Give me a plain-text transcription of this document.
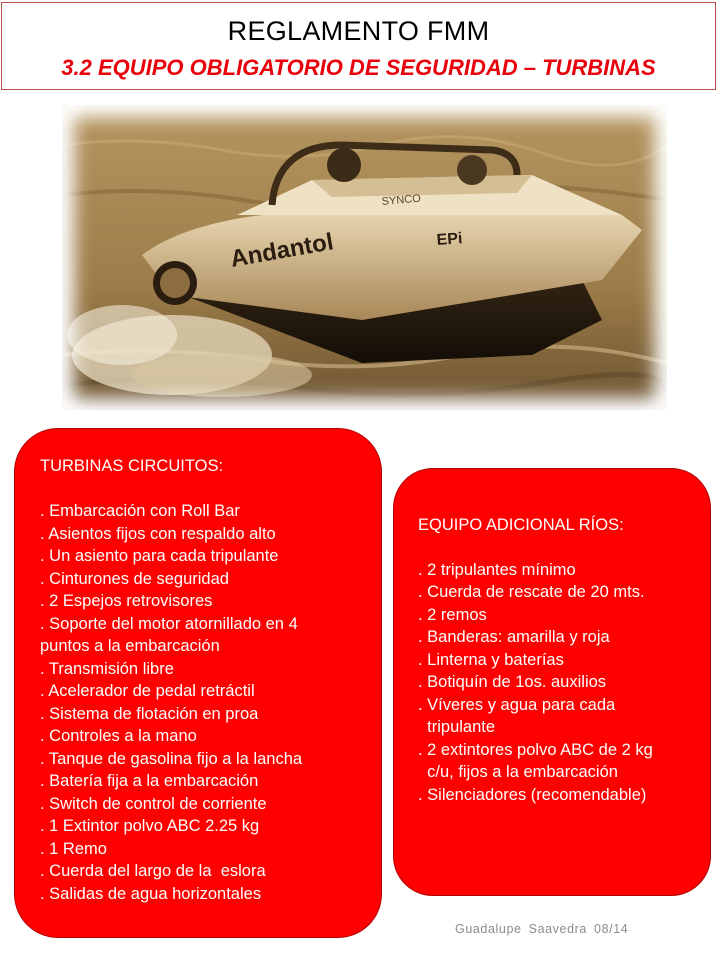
REGLAMENTO FMM
3.2 EQUIPO OBLIGATORIO DE SEGURIDAD – TURBINAS
Andantol	EPi
SYNCO
TURBINAS CIRCUITOS:
. Embarcación con Roll Bar
. Asientos fijos con respaldo alto
. Un asiento para cada tripulante
. Cinturones de seguridad
. 2 Espejos retrovisores
. Soporte del motor atornillado en 4
puntos a la embarcación
. Transmisión libre
. Acelerador de pedal retráctil
. Sistema de flotación en proa
. Controles a la mano
. Tanque de gasolina fijo a la lancha
. Batería fija a la embarcación
. Switch de control de corriente
. 1 Extintor polvo ABC 2.25 kg
. 1 Remo
. Cuerda del largo de la  eslora
. Salidas de agua horizontales
EQUIPO ADICIONAL RÍOS:
. 2 tripulantes mínimo
. Cuerda de rescate de 20 mts.
. 2 remos
. Banderas: amarilla y roja
. Linterna y baterías
. Botiquín de 1os. auxilios
. Víveres y agua para cada
tripulante
. 2 extintores polvo ABC de 2 kg
c/u, fijos a la embarcación
. Silenciadores (recomendable)
Guadalupe Saavedra 08/14
